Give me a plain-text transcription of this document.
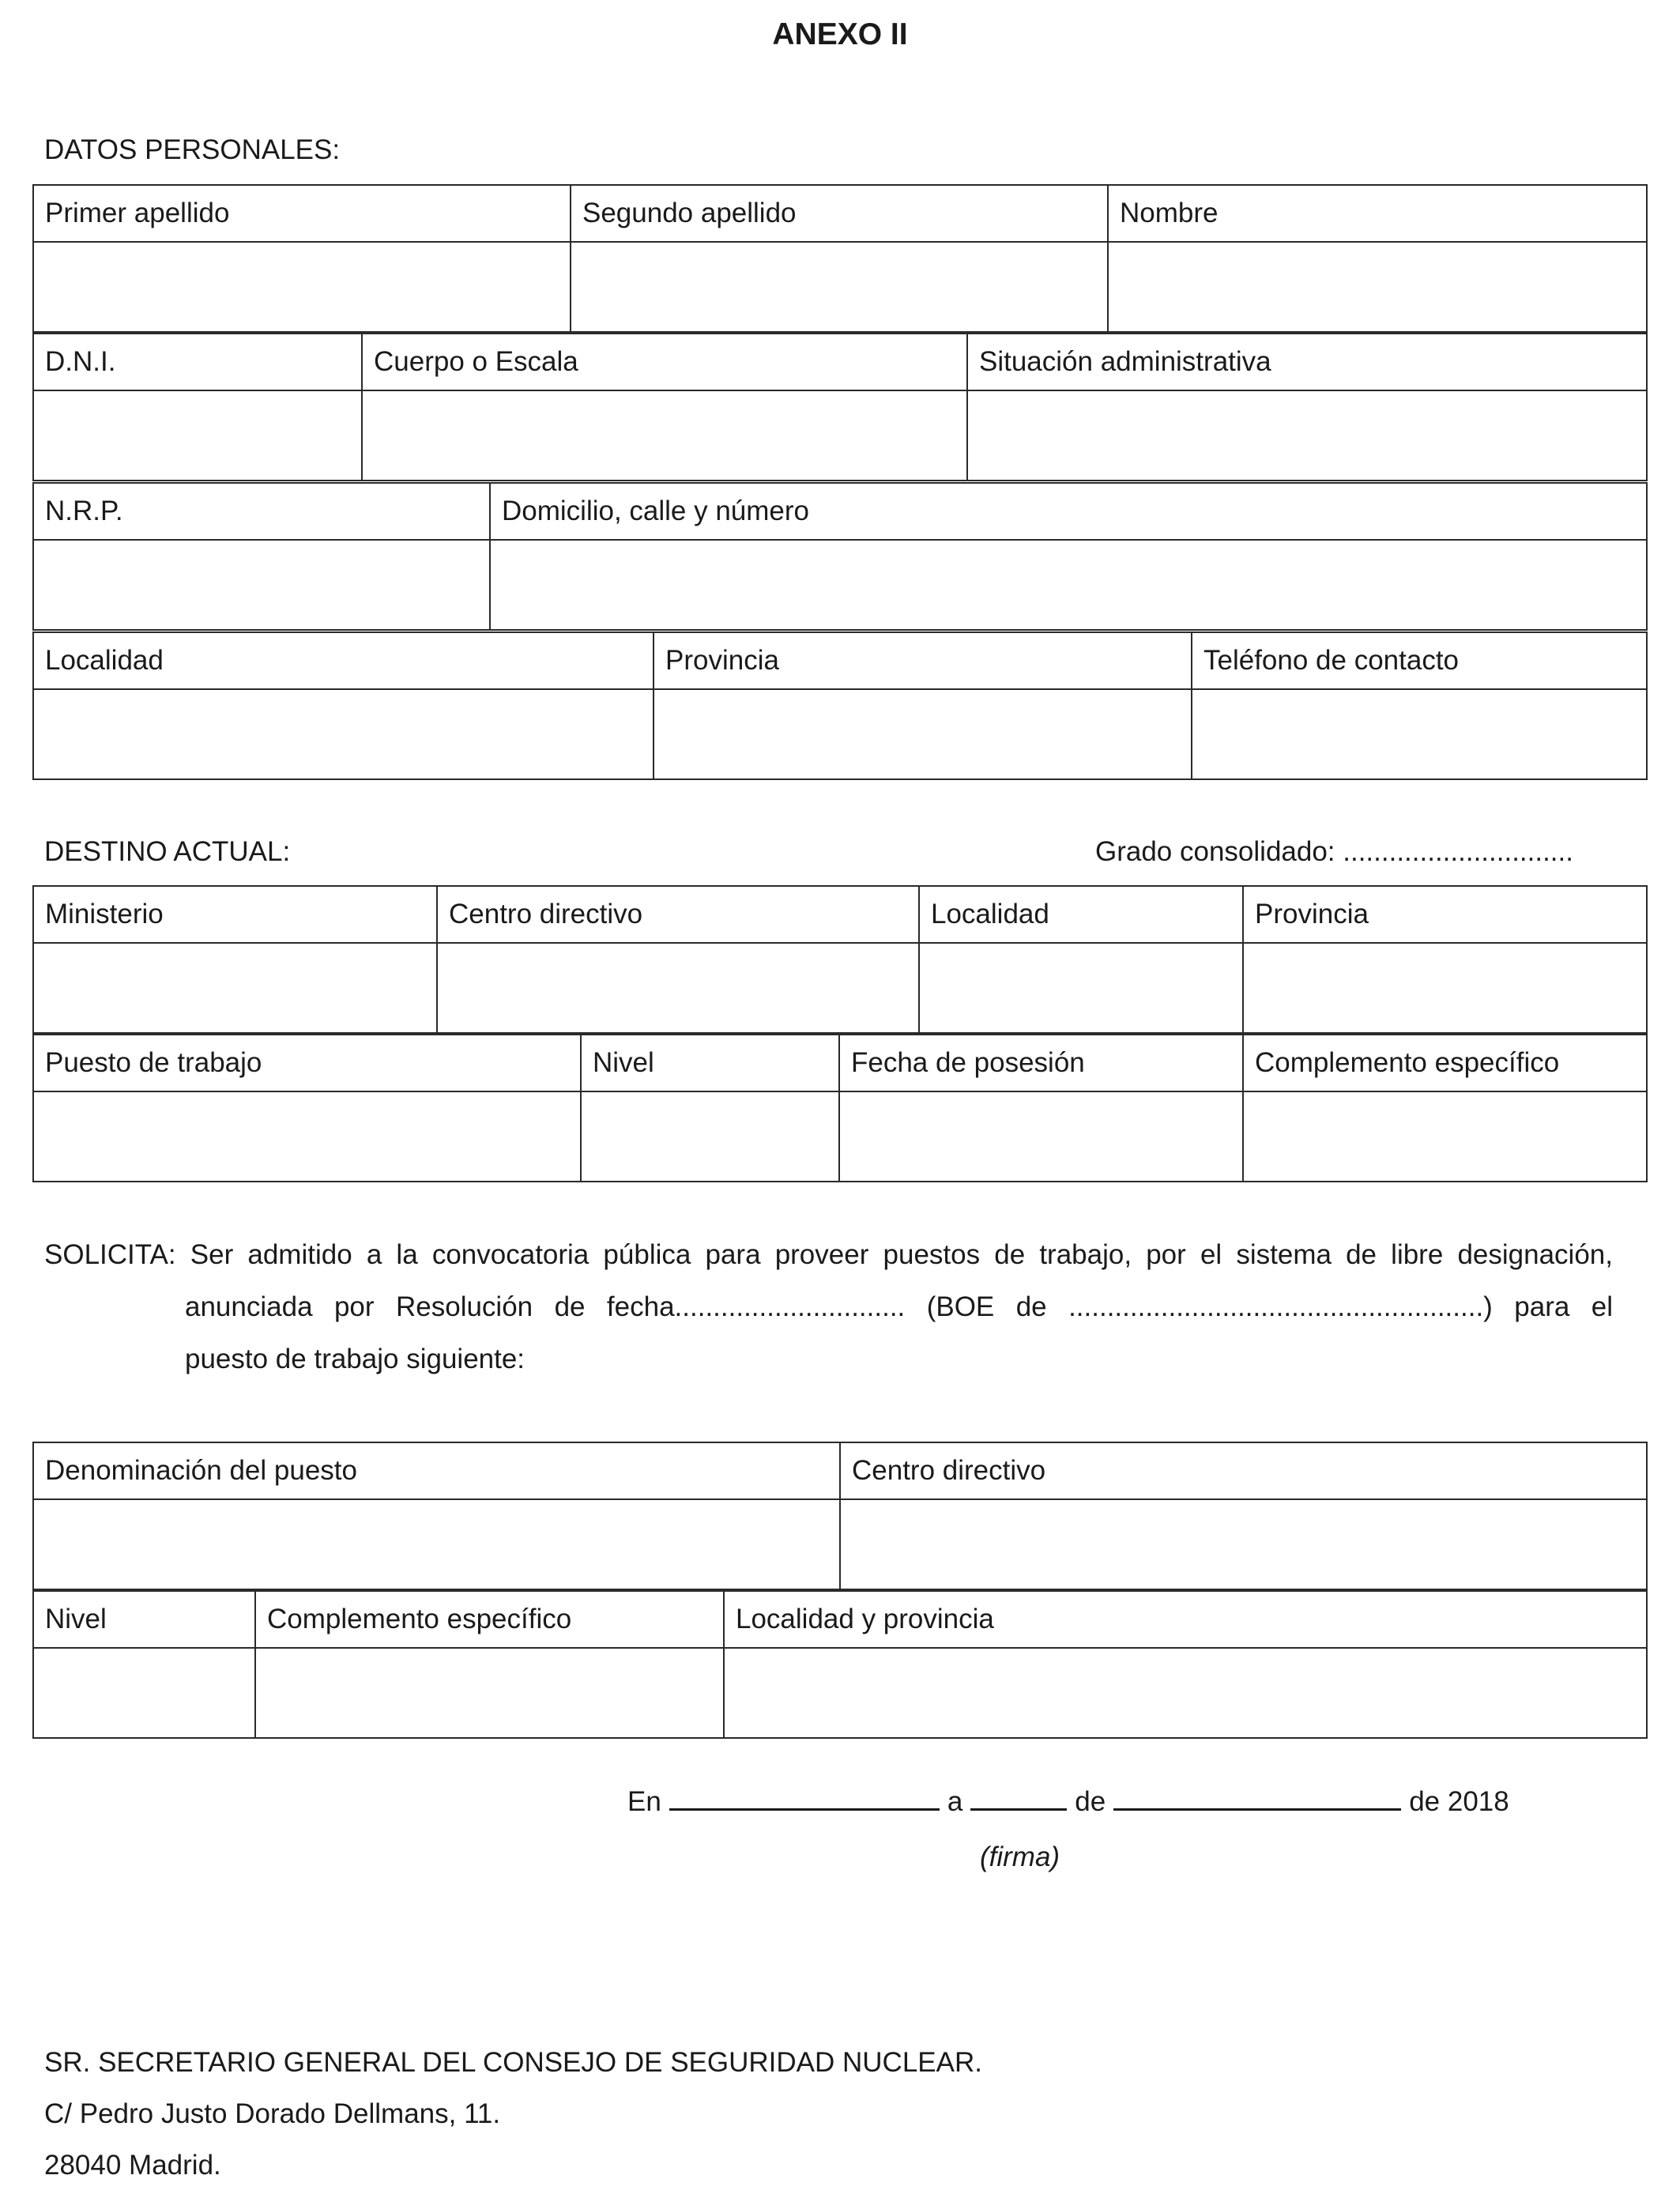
ANEXO II
DATOS PERSONALES:
Primer apellido	Segundo apellido	Nombre

D.N.I.	Cuerpo o Escala	Situación administrativa

N.R.P.	Domicilio, calle y número

Localidad	Provincia	Teléfono de contacto

DESTINO ACTUAL:	Grado consolidado: ..............................
Ministerio	Centro directivo	Localidad	Provincia

Puesto de trabajo	Nivel	Fecha de posesión	Complemento específico

SOLICITA: Ser admitido a la convocatoria pública para proveer puestos de trabajo, por el sistema de libre designación,
anunciada por Resolución de fecha.............................. (BOE de ......................................................) para el
puesto de trabajo siguiente:
Denominación del puesto	Centro directivo

Nivel	Complemento específico	Localidad y provincia

En	a	de	de 2018
(firma)
SR. SECRETARIO GENERAL DEL CONSEJO DE SEGURIDAD NUCLEAR.
C/ Pedro Justo Dorado Dellmans, 11.
28040 Madrid.
